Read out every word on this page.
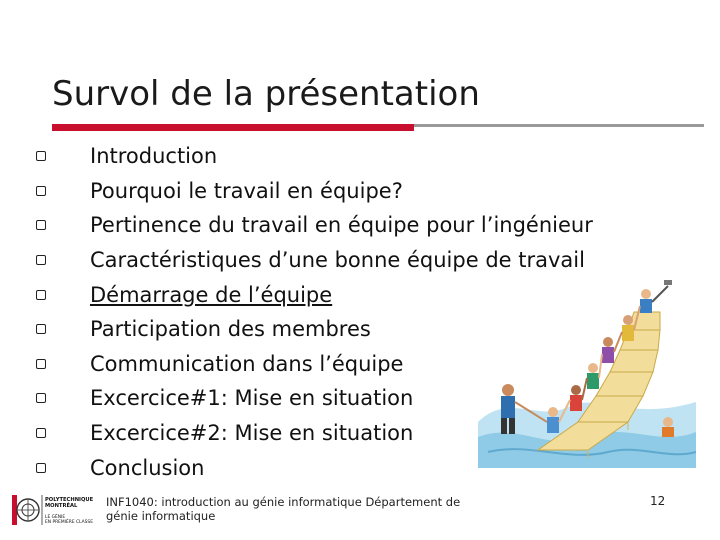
Survol de la présentation
Introduction
Pourquoi le travail en équipe?
Pertinence du travail en équipe pour l’ingénieur
Caractéristiques d’une bonne équipe de travail
Démarrage de l’équipe
Participation des membres
Communication dans l’équipe
Excercice#1: Mise en situation
Excercice#2: Mise en situation
Conclusion
POLYTECHNIQUE
MONTRÉAL
LE GÉNIE
EN PREMIÈRE CLASSE
INF1040: introduction au génie informatique Département de génie informatique
12
